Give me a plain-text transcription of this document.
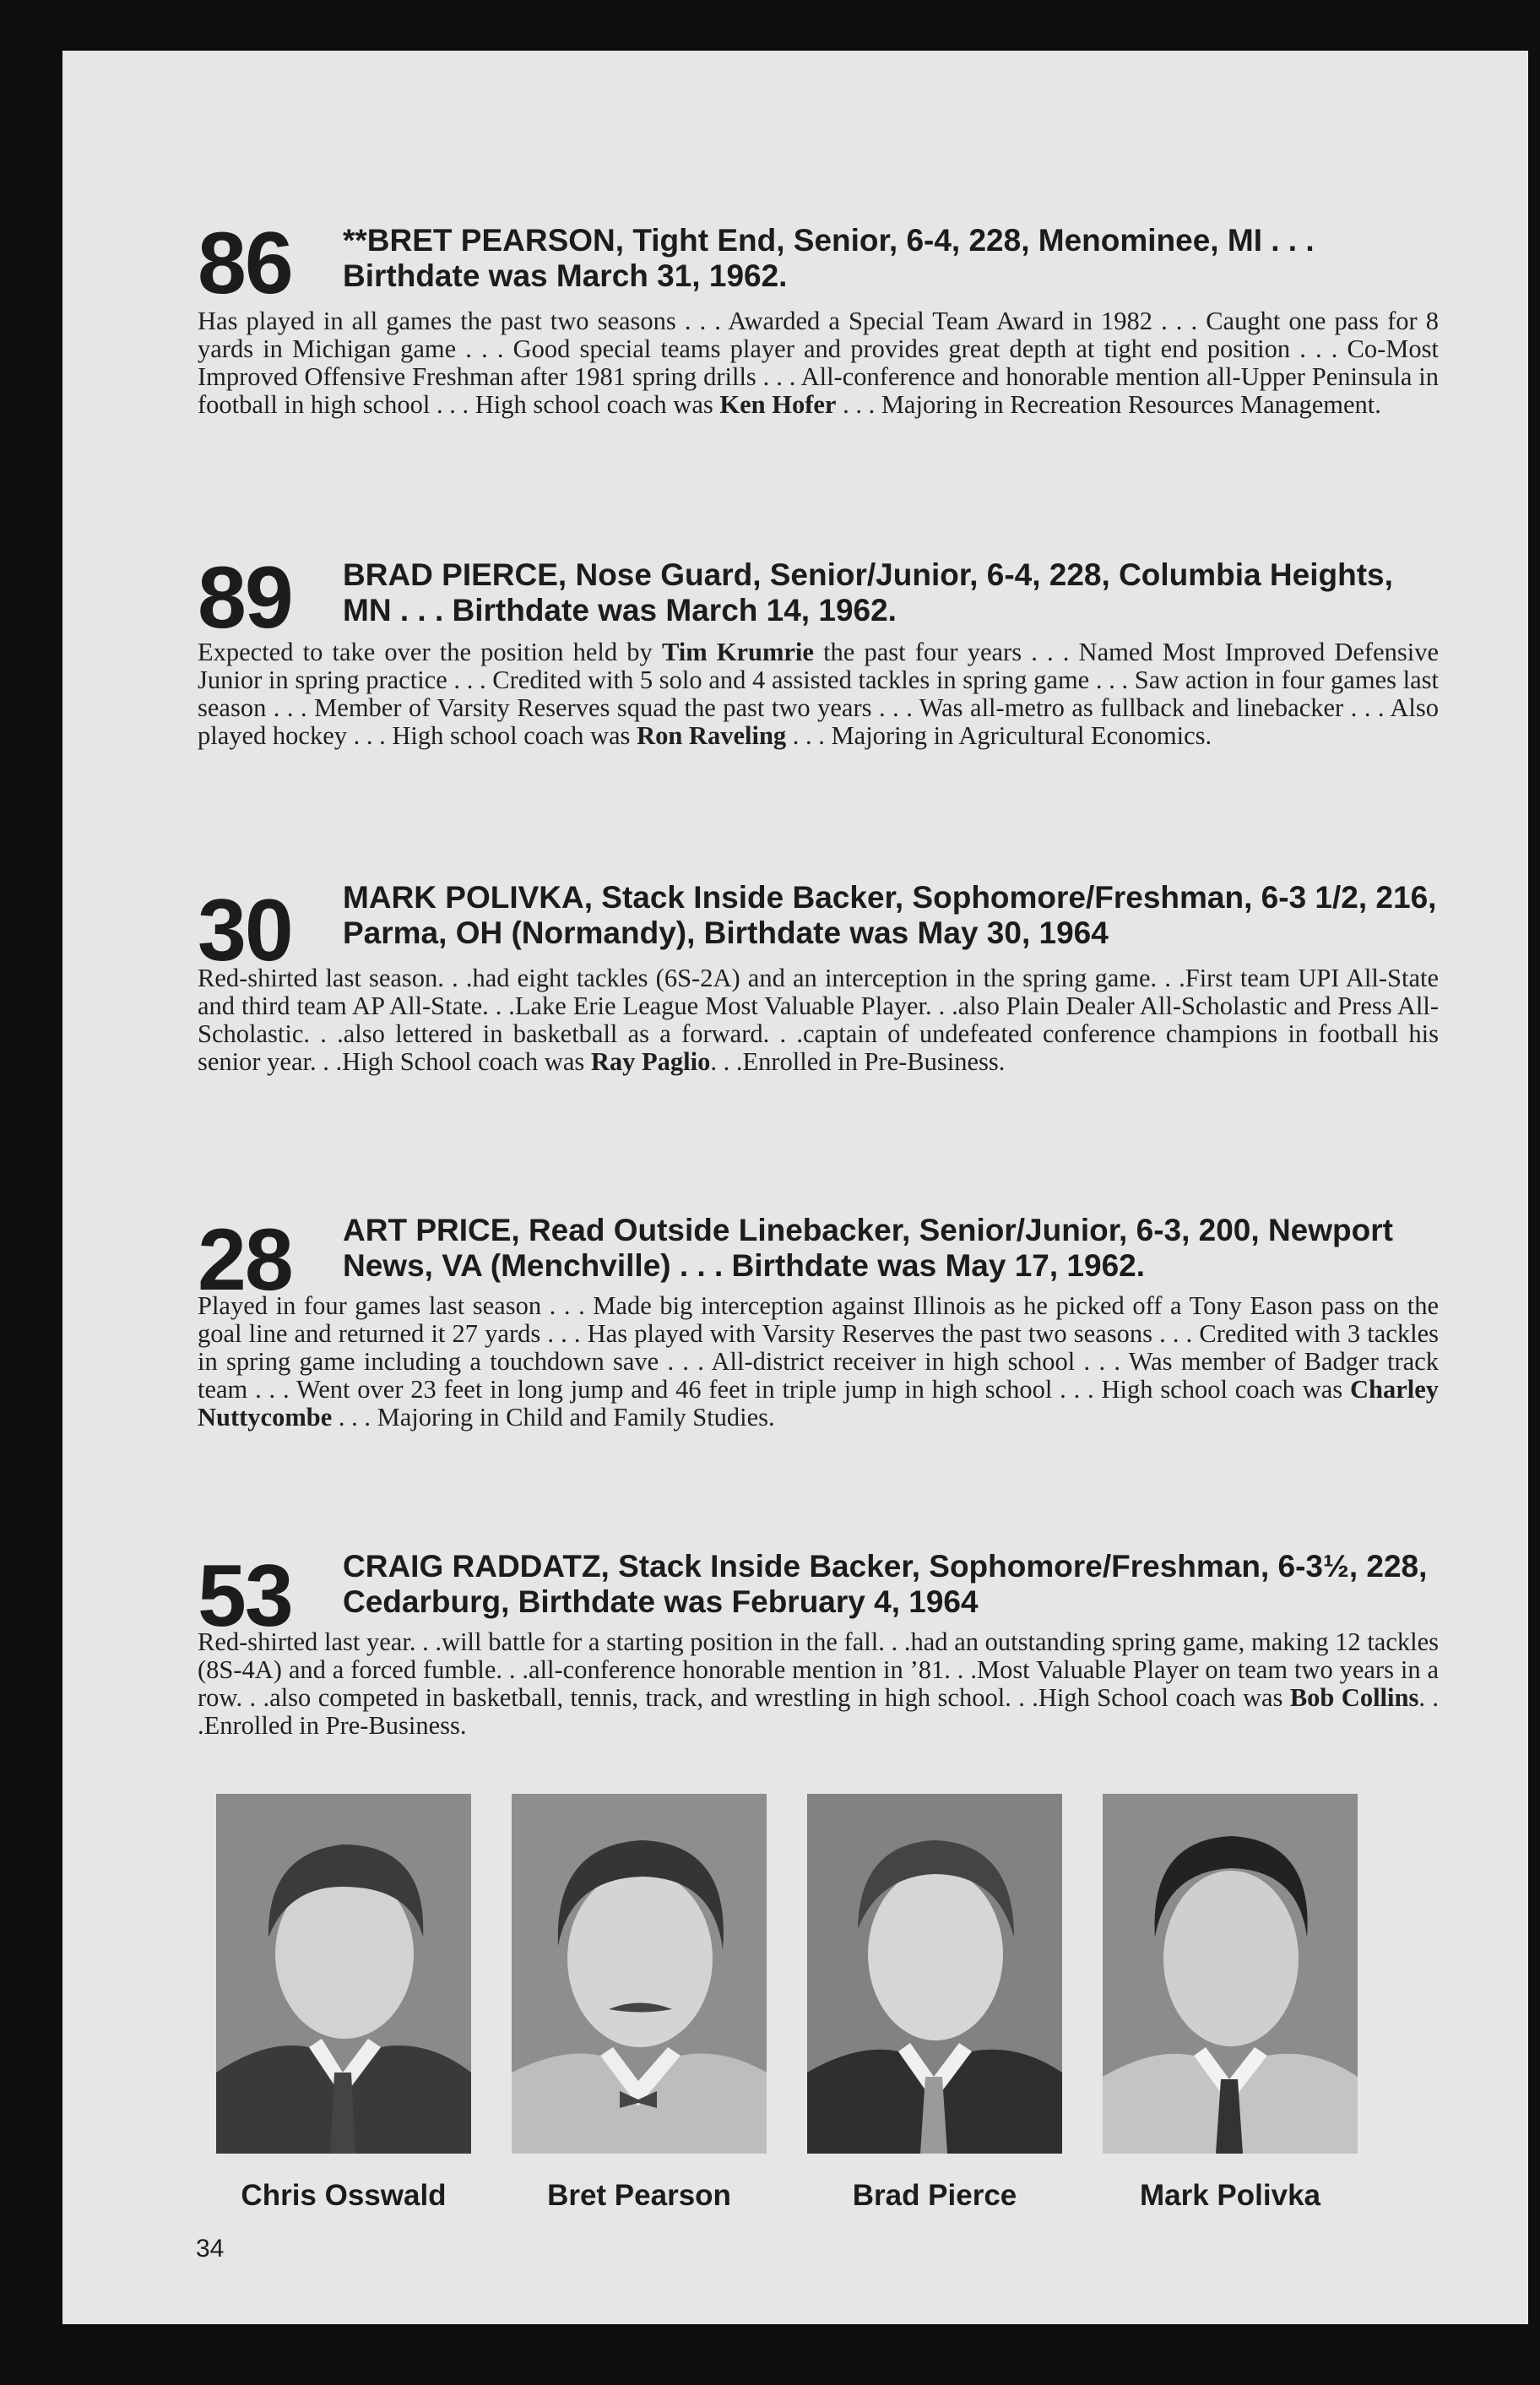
86 **BRET PEARSON, Tight End, Senior, 6-4, 228, Menominee, MI . . . Birthdate was March 31, 1962.
Has played in all games the past two seasons . . . Awarded a Special Team Award in 1982 . . . Caught one pass for 8 yards in Michigan game . . . Good special teams player and provides great depth at tight end position . . . Co-Most Improved Offensive Freshman after 1981 spring drills . . . All-conference and honorable mention all-Upper Peninsula in football in high school . . . High school coach was Ken Hofer . . . Majoring in Recreation Resources Management.
89 BRAD PIERCE, Nose Guard, Senior/Junior, 6-4, 228, Columbia Heights, MN . . . Birthdate was March 14, 1962.
Expected to take over the position held by Tim Krumrie the past four years . . . Named Most Improved Defensive Junior in spring practice . . . Credited with 5 solo and 4 assisted tackles in spring game . . . Saw action in four games last season . . . Member of Varsity Reserves squad the past two years . . . Was all-metro as fullback and linebacker . . . Also played hockey . . . High school coach was Ron Raveling . . . Majoring in Agricultural Economics.
30 MARK POLIVKA, Stack Inside Backer, Sophomore/Freshman, 6-3 1/2, 216, Parma, OH (Normandy), Birthdate was May 30, 1964
Red-shirted last season. . .had eight tackles (6S-2A) and an interception in the spring game. . .First team UPI All-State and third team AP All-State. . .Lake Erie League Most Valuable Player. . .also Plain Dealer All-Scholastic and Press All-Scholastic. . .also lettered in basketball as a forward. . .captain of undefeated conference champions in football his senior year. . .High School coach was Ray Paglio. . .Enrolled in Pre-Business.
28 ART PRICE, Read Outside Linebacker, Senior/Junior, 6-3, 200, Newport News, VA (Menchville) . . . Birthdate was May 17, 1962.
Played in four games last season . . . Made big interception against Illinois as he picked off a Tony Eason pass on the goal line and returned it 27 yards . . . Has played with Varsity Reserves the past two seasons . . . Credited with 3 tackles in spring game including a touchdown save . . . All-district receiver in high school . . . Was member of Badger track team . . . Went over 23 feet in long jump and 46 feet in triple jump in high school . . . High school coach was Charley Nuttycombe . . . Majoring in Child and Family Studies.
53 CRAIG RADDATZ, Stack Inside Backer, Sophomore/Freshman, 6-3½, 228, Cedarburg, Birthdate was February 4, 1964
Red-shirted last year. . .will battle for a starting position in the fall. . .had an outstanding spring game, making 12 tackles (8S-4A) and a forced fumble. . .all-conference honorable mention in ’81. . .Most Valuable Player on team two years in a row. . .also competed in basketball, tennis, track, and wrestling in high school. . .High School coach was Bob Collins. . .Enrolled in Pre-Business.
Chris Osswald	Bret Pearson	Brad Pierce	Mark Polivka
34
